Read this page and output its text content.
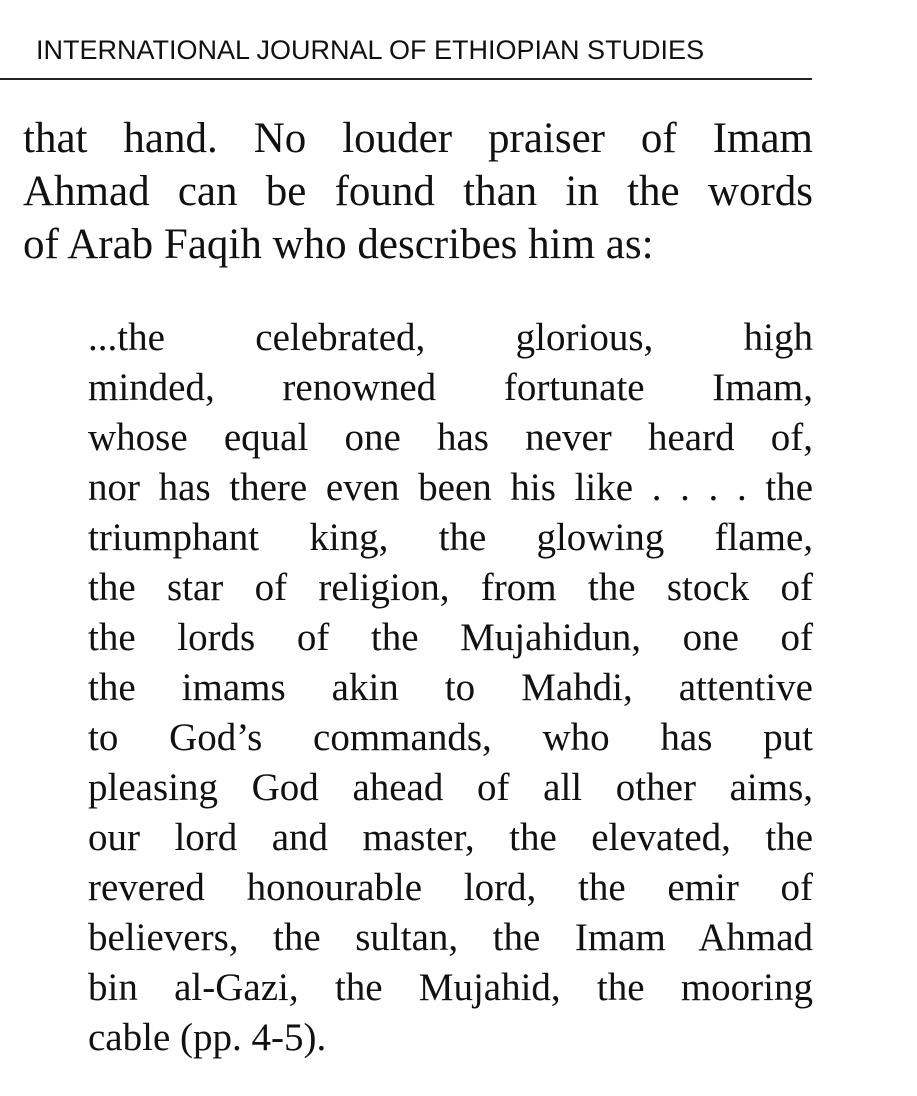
INTERNATIONAL JOURNAL OF ETHIOPIAN STUDIES
that hand. No louder praiser of Imam
Ahmad can be found than in the words
of Arab Faqih who describes him as:
...the celebrated, glorious, high
minded, renowned fortunate Imam,
whose equal one has never heard of,
nor has there even been his like . . . . the
triumphant king, the glowing flame,
the star of religion, from the stock of
the lords of the Mujahidun, one of
the imams akin to Mahdi, attentive
to God’s commands, who has put
pleasing God ahead of all other aims,
our lord and master, the elevated, the
revered honourable lord, the emir of
believers, the sultan, the Imam Ahmad
bin al-Gazi, the Mujahid, the mooring
cable (pp. 4-5).
